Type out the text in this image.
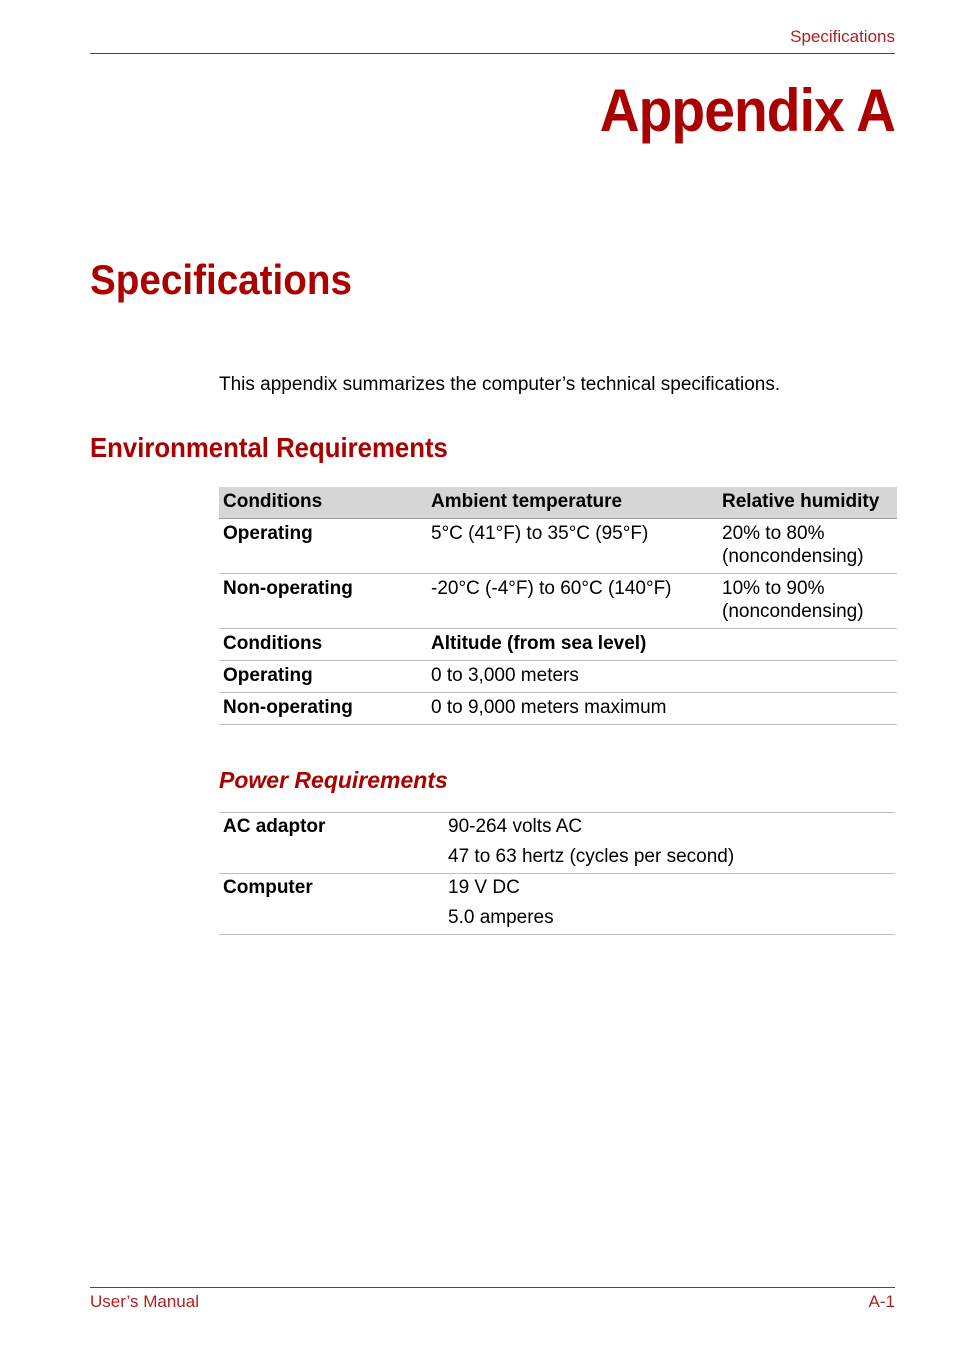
Specifications
Appendix A
Specifications
This appendix summarizes the computer’s technical specifications.
Environmental Requirements
Conditions	Ambient temperature	Relative humidity
Operating	5°C (41°F) to 35°C (95°F)	20% to 80% (noncondensing)
Non-operating	-20°C (-4°F) to 60°C (140°F)	10% to 90% (noncondensing)
Conditions	Altitude (from sea level)	
Operating	0 to 3,000 meters	
Non-operating	0 to 9,000 meters maximum	
Power Requirements
AC adaptor	90-264 volts AC
	47 to 63 hertz (cycles per second)
Computer	19 V DC
	5.0 amperes
User’s Manual	A-1
